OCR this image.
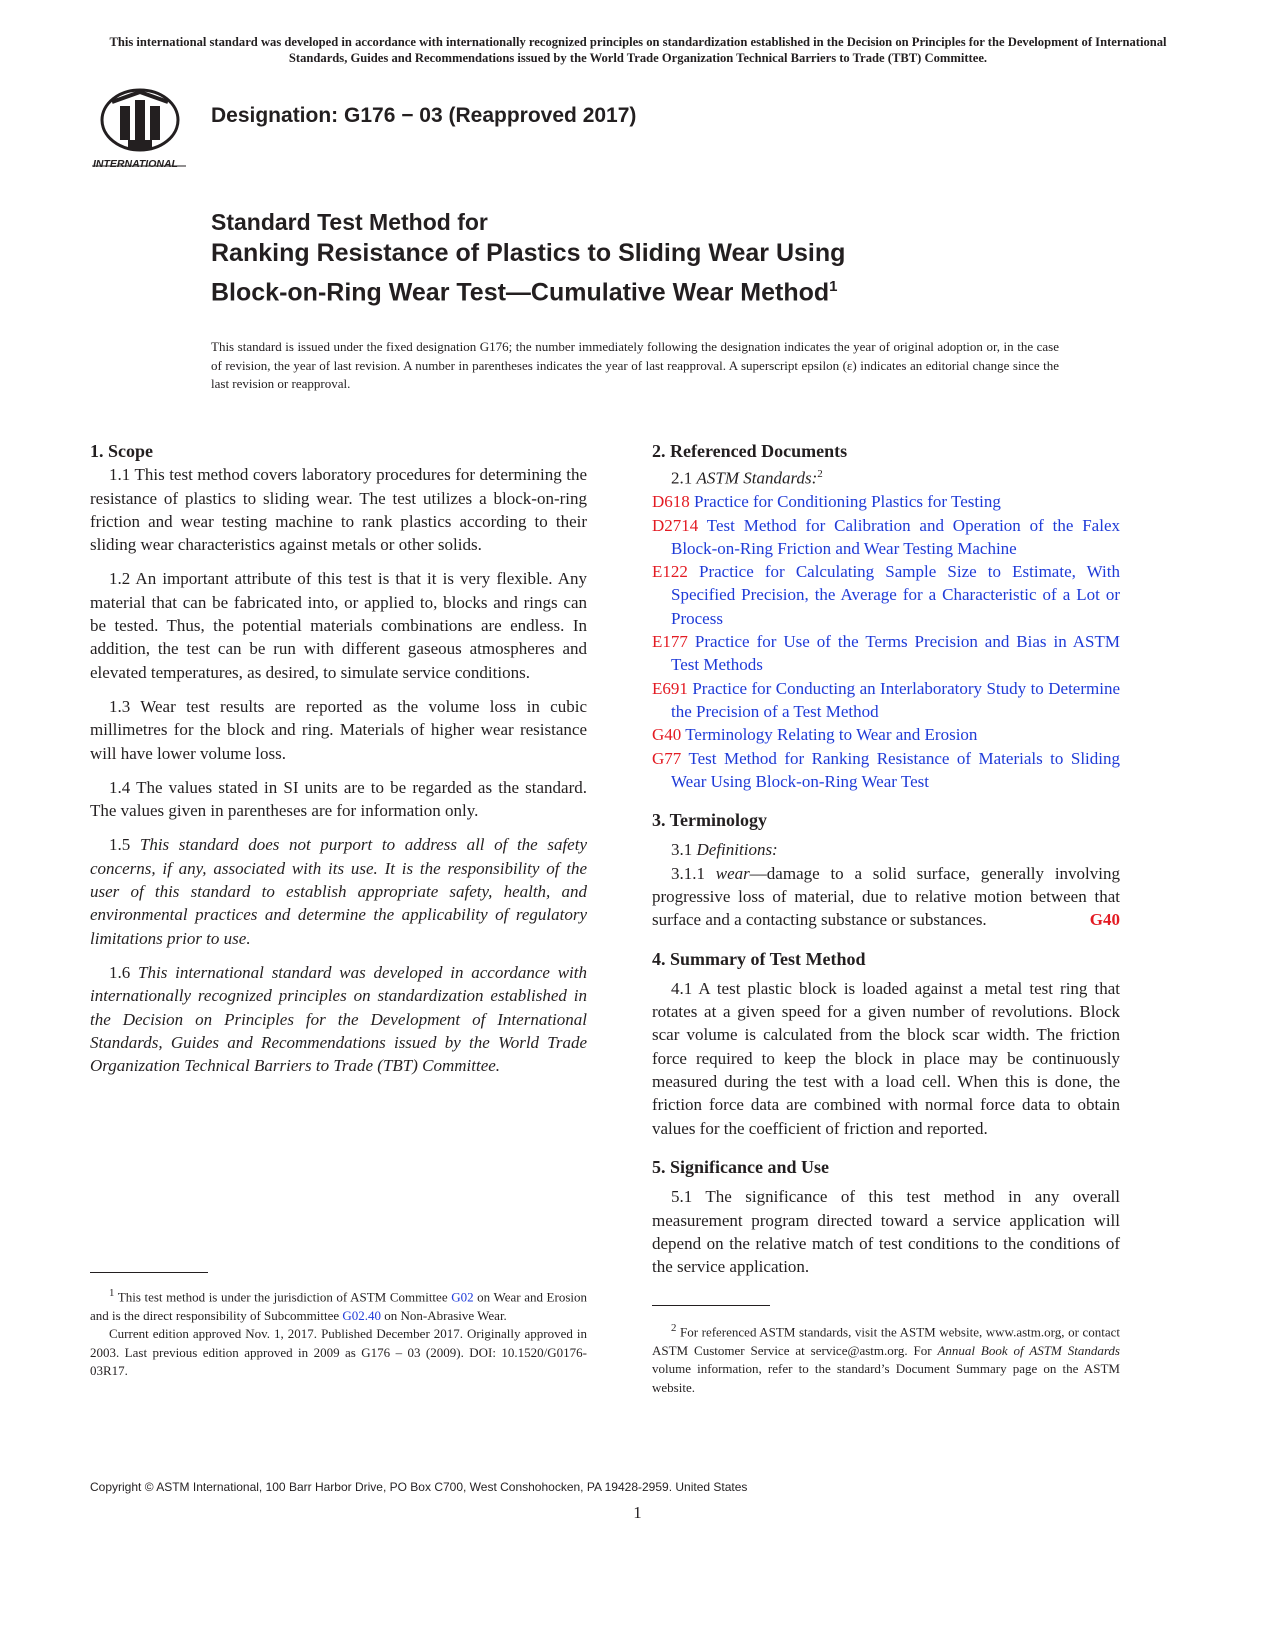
This international standard was developed in accordance with internationally recognized principles on standardization established in the Decision on Principles for the Development of International Standards, Guides and Recommendations issued by the World Trade Organization Technical Barriers to Trade (TBT) Committee.
INTERNATIONAL
Designation: G176 − 03 (Reapproved 2017)
Standard Test Method for
Ranking Resistance of Plastics to Sliding Wear Using
Block-on-Ring Wear Test—Cumulative Wear Method$^1$
This standard is issued under the fixed designation G176; the number immediately following the designation indicates the year of original adoption or, in the case of revision, the year of last revision. A number in parentheses indicates the year of last reapproval. A superscript epsilon (ε) indicates an editorial change since the last revision or reapproval.

1. Scope

1.1 This test method covers laboratory procedures for determining the resistance of plastics to sliding wear. The test utilizes a block-on-ring friction and wear testing machine to rank plastics according to their sliding wear characteristics against metals or other solids.

1.2 An important attribute of this test is that it is very flexible. Any material that can be fabricated into, or applied to, blocks and rings can be tested. Thus, the potential materials combinations are endless. In addition, the test can be run with different gaseous atmospheres and elevated temperatures, as desired, to simulate service conditions.

1.3 Wear test results are reported as the volume loss in cubic millimetres for the block and ring. Materials of higher wear resistance will have lower volume loss.

1.4 The values stated in SI units are to be regarded as the standard. The values given in parentheses are for information only.

1.5 This standard does not purport to address all of the safety concerns, if any, associated with its use. It is the responsibility of the user of this standard to establish appropriate safety, health, and environmental practices and determine the applicability of regulatory limitations prior to use.

1.6 This international standard was developed in accordance with internationally recognized principles on standardization established in the Decision on Principles for the Development of International Standards, Guides and Recommendations issued by the World Trade Organization Technical Barriers to Trade (TBT) Committee.

$^1$ This test method is under the jurisdiction of ASTM Committee G02 on Wear and Erosion and is the direct responsibility of Subcommittee G02.40 on Non-Abrasive Wear.

Current edition approved Nov. 1, 2017. Published December 2017. Originally approved in 2003. Last previous edition approved in 2009 as G176 – 03 (2009). DOI: 10.1520/G0176-03R17.

2. Referenced Documents

2.1 ASTM Standards:$^2$

D618 Practice for Conditioning Plastics for Testing

D2714 Test Method for Calibration and Operation of the Falex Block-on-Ring Friction and Wear Testing Machine

E122 Practice for Calculating Sample Size to Estimate, With Specified Precision, the Average for a Characteristic of a Lot or Process

E177 Practice for Use of the Terms Precision and Bias in ASTM Test Methods

E691 Practice for Conducting an Interlaboratory Study to Determine the Precision of a Test Method

G40 Terminology Relating to Wear and Erosion

G77 Test Method for Ranking Resistance of Materials to Sliding Wear Using Block-on-Ring Wear Test

3. Terminology

3.1 Definitions:

3.1.1 wear—damage to a solid surface, generally involving progressive loss of material, due to relative motion between that surface and a contacting substance or substances.	G40

4. Summary of Test Method

4.1 A test plastic block is loaded against a metal test ring that rotates at a given speed for a given number of revolutions. Block scar volume is calculated from the block scar width. The friction force required to keep the block in place may be continuously measured during the test with a load cell. When this is done, the friction force data are combined with normal force data to obtain values for the coefficient of friction and reported.

5. Significance and Use

5.1 The significance of this test method in any overall measurement program directed toward a service application will depend on the relative match of test conditions to the conditions of the service application.

$^2$ For referenced ASTM standards, visit the ASTM website, www.astm.org, or contact ASTM Customer Service at service@astm.org. For Annual Book of ASTM Standards volume information, refer to the standard’s Document Summary page on the ASTM website.

Copyright © ASTM International, 100 Barr Harbor Drive, PO Box C700, West Conshohocken, PA 19428-2959. United States
1
